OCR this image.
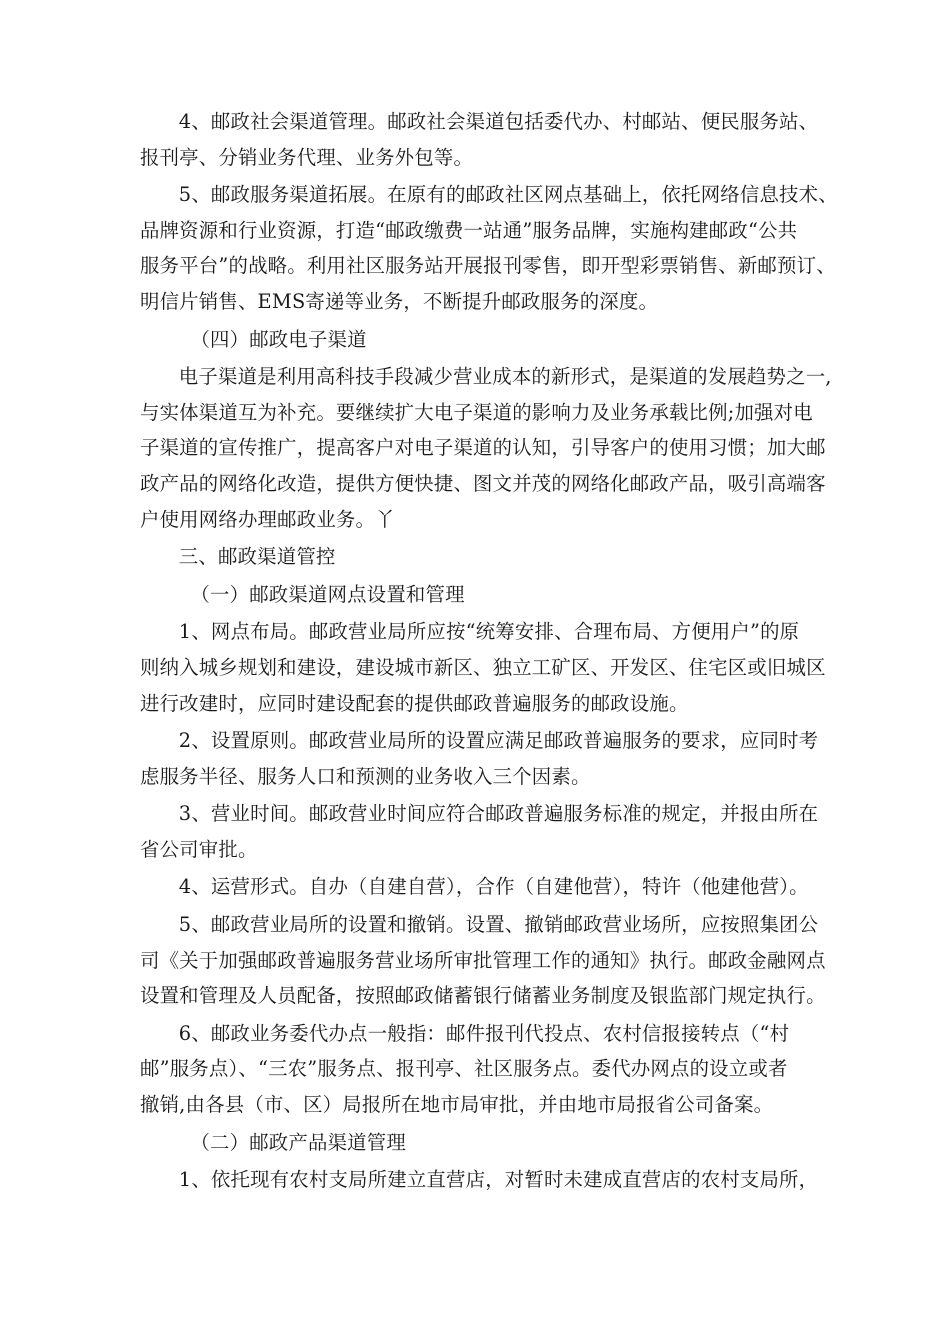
4、邮政社会渠道管理。邮政社会渠道包括委代办、村邮站、便民服务站、
报刊亭、分销业务代理、业务外包等。

5、邮政服务渠道拓展。在原有的邮政社区网点基础上，依托网络信息技术、
品牌资源和行业资源，打造“邮政缴费一站通”服务品牌，实施构建邮政“公共
服务平台”的战略。利用社区服务站开展报刊零售，即开型彩票销售、新邮预订、
明信片销售、EMS寄递等业务，不断提升邮政服务的深度。

（四）邮政电子渠道

电子渠道是利用高科技手段减少营业成本的新形式，是渠道的发展趋势之一,
与实体渠道互为补充。要继续扩大电子渠道的影响力及业务承载比例;加强对电
子渠道的宣传推广，提高客户对电子渠道的认知，引导客户的使用习惯；加大邮
政产品的网络化改造，提供方便快捷、图文并茂的网络化邮政产品，吸引高端客
户使用网络办理邮政业务。丫

三、邮政渠道管控

（一）邮政渠道网点设置和管理

1、网点布局。邮政营业局所应按“统筹安排、合理布局、方便用户”的原
则纳入城乡规划和建设，建设城市新区、独立工矿区、开发区、住宅区或旧城区
进行改建时，应同时建设配套的提供邮政普遍服务的邮政设施。

2、设置原则。邮政营业局所的设置应满足邮政普遍服务的要求，应同时考
虑服务半径、服务人口和预测的业务收入三个因素。

3、营业时间。邮政营业时间应符合邮政普遍服务标准的规定，并报由所在
省公司审批。

4、运营形式。自办（自建自营），合作（自建他营），特许（他建他营）。

5、邮政营业局所的设置和撤销。设置、撤销邮政营业场所，应按照集团公
司《关于加强邮政普遍服务营业场所审批管理工作的通知》执行。邮政金融网点
设置和管理及人员配备，按照邮政储蓄银行储蓄业务制度及银监部门规定执行。

6、邮政业务委代办点一般指：邮件报刊代投点、农村信报接转点（“村
邮”服务点）、“三农”服务点、报刊亭、社区服务点。委代办网点的设立或者
撤销,由各县（市、区）局报所在地市局审批，并由地市局报省公司备案。

（二）邮政产品渠道管理

1、依托现有农村支局所建立直营店，对暂时未建成直营店的农村支局所，
